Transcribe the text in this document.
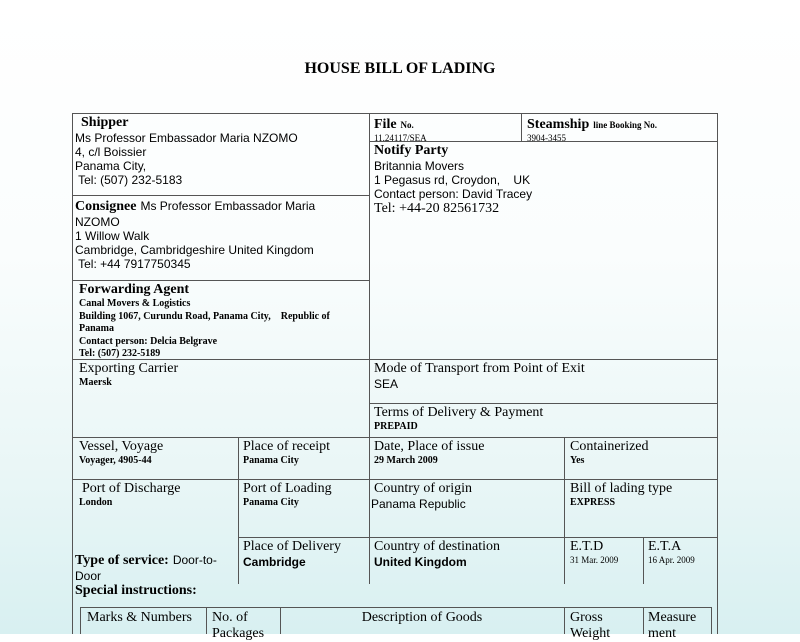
HOUSE BILL OF LADING
Shipper
Ms Professor Embassador Maria NZOMO
4, c/l Boissier
Panama City,
Tel: (507) 232-5183
File No.
11.24117/SEA
Steamship line Booking No.
3904-3455
Notify Party
Britannia Movers
1 Pegasus rd, Croydon,    UK
Contact person: David Tracey
Tel: +44-20 82561732
Consignee Ms Professor Embassador Maria
NZOMO
1 Willow Walk
Cambridge, Cambridgeshire United Kingdom
Tel: +44 7917750345
Forwarding Agent
Canal Movers & Logistics
Building 1067, Curundu Road, Panama City,    Republic of
Panama
Contact person: Delcia Belgrave
Tel: (507) 232-5189
Exporting Carrier
Maersk
Mode of Transport from Point of Exit
SEA
Terms of Delivery & Payment
PREPAID
Vessel, Voyage
Voyager, 4905-44
Place of receipt
Panama City
Date, Place of issue
29 March 2009
Containerized
Yes
Port of Discharge
London
Port of Loading
Panama City
Country of origin
Panama Republic
Bill of lading type
EXPRESS
Type of service: Door-to-
Door
Special instructions:
Place of Delivery
Cambridge
Country of destination
United Kingdom
E.T.D
31 Mar. 2009
E.T.A
16 Apr. 2009
Marks & Numbers No. of
Packages
Description of Goods	Gross
Weight
Measure
ment
